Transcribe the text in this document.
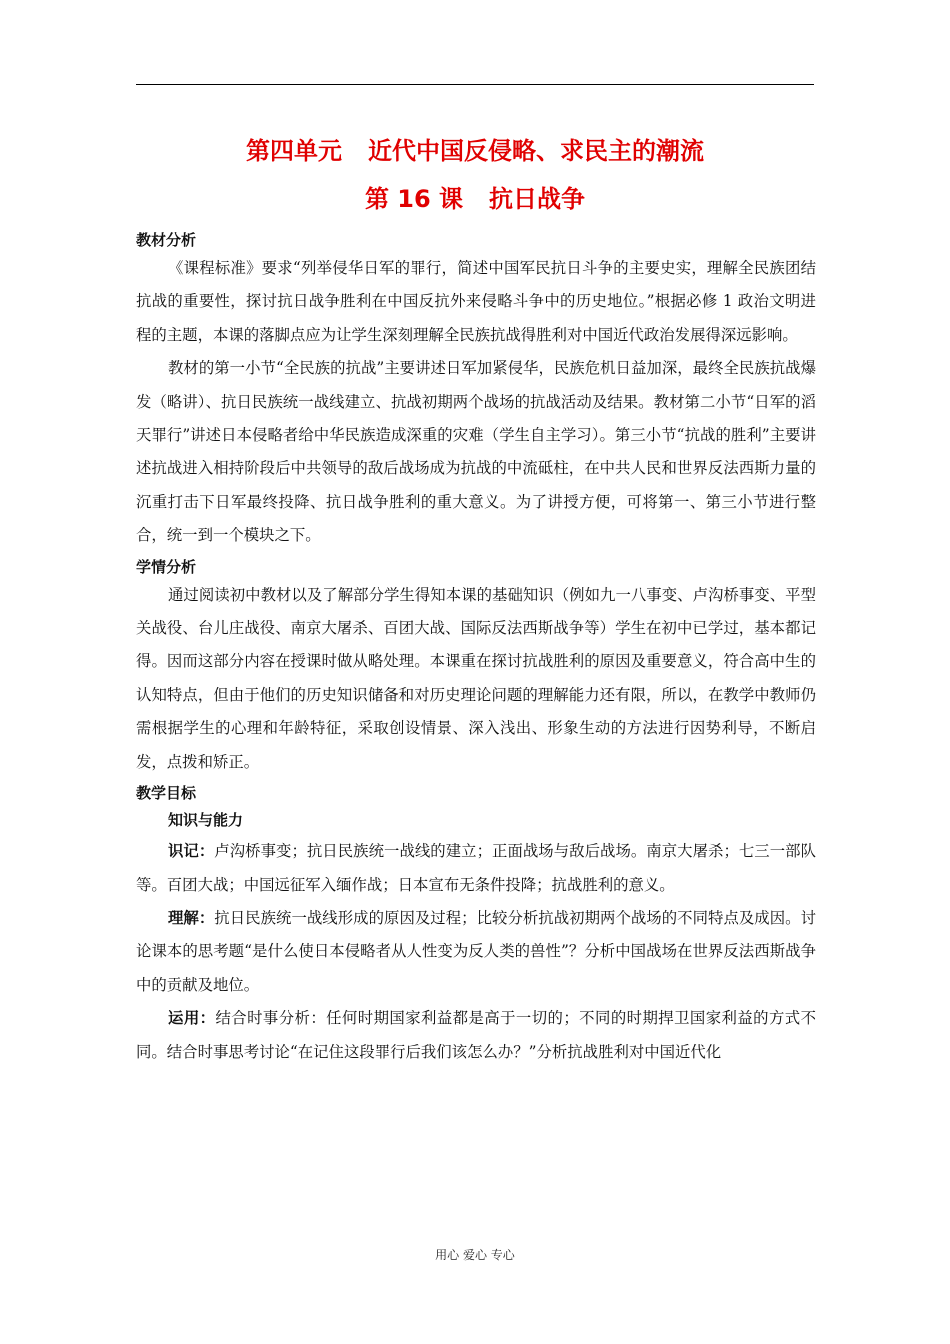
第四单元 近代中国反侵略、求民主的潮流
第 16 课 抗日战争
教材分析

《课程标准》要求“列举侵华日军的罪行，简述中国军民抗日斗争的主要史实，理解全民族团结抗战的重要性，探讨抗日战争胜利在中国反抗外来侵略斗争中的历史地位。”根据必修 1 政治文明进程的主题，本课的落脚点应为让学生深刻理解全民族抗战得胜利对中国近代政治发展得深远影响。

教材的第一小节“全民族的抗战”主要讲述日军加紧侵华，民族危机日益加深，最终全民族抗战爆发（略讲）、抗日民族统一战线建立、抗战初期两个战场的抗战活动及结果。教材第二小节“日军的滔天罪行”讲述日本侵略者给中华民族造成深重的灾难（学生自主学习）。第三小节“抗战的胜利”主要讲述抗战进入相持阶段后中共领导的敌后战场成为抗战的中流砥柱，在中共人民和世界反法西斯力量的沉重打击下日军最终投降、抗日战争胜利的重大意义。为了讲授方便，可将第一、第三小节进行整合，统一到一个模块之下。

学情分析

通过阅读初中教材以及了解部分学生得知本课的基础知识（例如九一八事变、卢沟桥事变、平型关战役、台儿庄战役、南京大屠杀、百团大战、国际反法西斯战争等）学生在初中已学过，基本都记得。因而这部分内容在授课时做从略处理。本课重在探讨抗战胜利的原因及重要意义，符合高中生的认知特点，但由于他们的历史知识储备和对历史理论问题的理解能力还有限，所以，在教学中教师仍需根据学生的心理和年龄特征，采取创设情景、深入浅出、形象生动的方法进行因势利导，不断启发，点拨和矫正。

教学目标
知识与能力

识记：卢沟桥事变；抗日民族统一战线的建立；正面战场与敌后战场。南京大屠杀；七三一部队等。百团大战；中国远征军入缅作战；日本宣布无条件投降；抗战胜利的意义。

理解：抗日民族统一战线形成的原因及过程；比较分析抗战初期两个战场的不同特点及成因。讨论课本的思考题“是什么使日本侵略者从人性变为反人类的兽性”？分析中国战场在世界反法西斯战争中的贡献及地位。

运用：结合时事分析：任何时期国家利益都是高于一切的；不同的时期捍卫国家利益的方式不同。结合时事思考讨论“在记住这段罪行后我们该怎么办？”分析抗战胜利对中国近代化

用心 爱心 专心
